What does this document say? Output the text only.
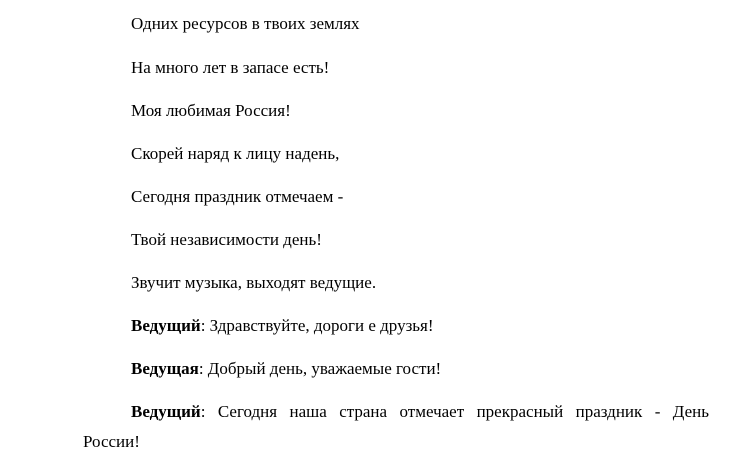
Одних ресурсов в твоих землях
На много лет в запасе есть!
Моя любимая Россия!
Скорей наряд к лицу надень,
Сегодня праздник отмечаем -
Твой независимости день!
Звучит музыка, выходят ведущие.
Ведущий: Здравствуйте, дороги е друзья!
Ведущая: Добрый день, уважаемые гости!
Ведущий: Сегодня наша страна отмечает прекрасный праздник - День
России!
